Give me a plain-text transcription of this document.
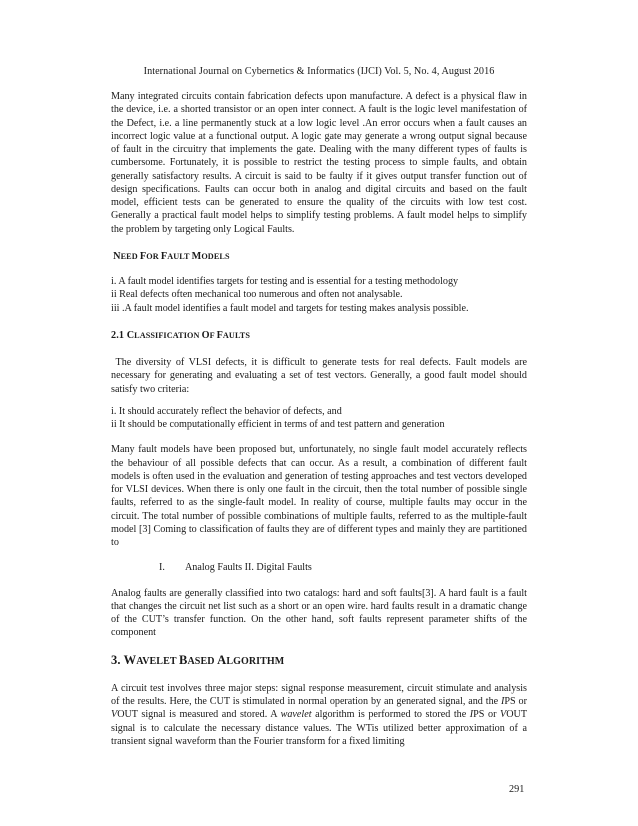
International Journal on Cybernetics & Informatics (IJCI) Vol. 5, No. 4, August 2016

Many integrated circuits contain fabrication defects upon manufacture. A defect is a physical flaw in the device, i.e. a shorted transistor or an open inter connect. A fault is the logic level manifestation of the Defect, i.e. a line permanently stuck at a low logic level .An error occurs when a fault causes an incorrect logic value at a functional output. A logic gate may generate a wrong output signal because of fault in the circuitry that implements the gate. Dealing with the many different types of faults is cumbersome. Fortunately, it is possible to restrict the testing process to simple faults, and obtain generally satisfactory results. A circuit is said to be faulty if it gives output transfer function out of design specifications. Faults can occur both in analog and digital circuits and based on the fault model, efficient tests can be generated to ensure the quality of the circuits with low test cost. Generally a practical fault model helps to simplify testing problems. A fault model helps to simplify the problem by targeting only Logical Faults.

NEED FOR FAULT MODELS

i. A fault model identifies targets for testing and is essential for a testing methodology

ii Real defects often mechanical too numerous and often not analysable.

iii .A fault model identifies a fault model and targets for testing makes analysis possible.

2.1 CLASSIFICATION OF FAULTS

The diversity of VLSI defects, it is difficult to generate tests for real defects. Fault models are necessary for generating and evaluating a set of test vectors. Generally, a good fault model should satisfy two criteria:

i. It should accurately reflect the behavior of defects, and

ii It should be computationally efficient in terms of and test pattern and generation

Many fault models have been proposed but, unfortunately, no single fault model accurately reflects the behaviour of all possible defects that can occur. As a result, a combination of different fault models is often used in the evaluation and generation of testing approaches and test vectors developed for VLSI devices. When there is only one fault in the circuit, then the total number of possible single faults, referred to as the single-fault model. In reality of course, multiple faults may occur in the circuit. The total number of possible combinations of multiple faults, referred to as the multiple-fault model [3] Coming to classification of faults they are of different types and mainly they are partitioned to

I. Analog Faults II. Digital Faults

Analog faults are generally classified into two catalogs: hard and soft faults[3]. A hard fault is a fault that changes the circuit net list such as a short or an open wire. hard faults result in a dramatic change of the CUT’s transfer function. On the other hand, soft faults represent parameter shifts of the component

3. WAVELET BASED ALGORITHM

A circuit test involves three major steps: signal response measurement, circuit stimulate and analysis of the results. Here, the CUT is stimulated in normal operation by an generated signal, and the IPS or VOUT signal is measured and stored. A wavelet algorithm is performed to stored the IPS or VOUT signal is to calculate the necessary distance values. The WTis utilized better approximation of a transient signal waveform than the Fourier transform for a fixed limiting

291
